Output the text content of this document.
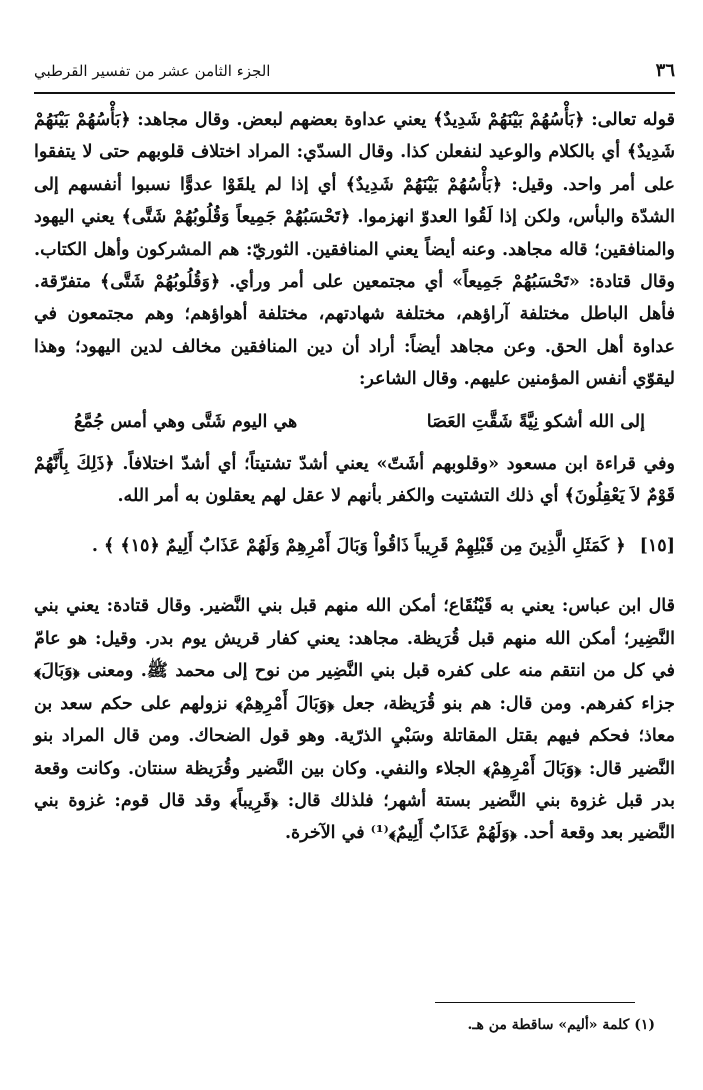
٣٦
الجزء الثامن عشر من تفسير القرطبي

قوله تعالى: ﴿بَأْسُهُمْ بَيْنَهُمْ شَدِيدٌ﴾ يعني عداوة بعضهم لبعض. وقال مجاهد: ﴿بَأْسُهُمْ بَيْنَهُمْ شَدِيدٌ﴾ أي بالكلام والوعيد لنفعلن كذا. وقال السدّي: المراد اختلاف قلوبهم حتى لا يتفقوا على أمر واحد. وقيل: ﴿بَأْسُهُمْ بَيْنَهُمْ شَدِيدٌ﴾ أي إذا لم يلقَوْا عدوًّا نسبوا أنفسهم إلى الشدّة والبأس، ولكن إذا لَقُوا العدوّ انهزموا. ﴿تَحْسَبُهُمْ جَمِيعاً وَقُلُوبُهُمْ شَتَّى﴾ يعني اليهود والمنافقين؛ قاله مجاهد. وعنه أيضاً يعني المنافقين. الثوريّ: هم المشركون وأهل الكتاب. وقال قتادة: «تَحْسَبُهُمْ جَمِيعاً» أي مجتمعين على أمر ورأي. ﴿وَقُلُوبُهُمْ شَتَّى﴾ متفرّقة. فأهل الباطل مختلفة آراؤهم، مختلفة شهادتهم، مختلفة أهواؤهم؛ وهم مجتمعون في عداوة أهل الحق. وعن مجاهد أيضاً: أراد أن دين المنافقين مخالف لدين اليهود؛ وهذا ليقوّي أنفس المؤمنين عليهم. وقال الشاعر:

إلى الله أشكو نِيَّةً شَقَّتِ العَصَا
هي اليوم شَتَّى وهي أمس جُمَّعُ

وفي قراءة ابن مسعود «وقلوبهم أشَتّ» يعني أشدّ تشتيتاً؛ أي أشدّ اختلافاً. ﴿ذَلِكَ بِأَنَّهُمْ قَوْمٌ لاَ يَعْقِلُونَ﴾ أي ذلك التشتيت والكفر بأنهم لا عقل لهم يعقلون به أمر الله.

[١٥]
﴿ كَمَثَلِ الَّذِينَ مِن قَبْلِهِمْ قَرِيباً ذَاقُواْ وَبَالَ أَمْرِهِمْ وَلَهُمْ عَذَابٌ أَلِيمٌ ﴿١٥﴾ ﴾ .

قال ابن عباس: يعني به قَيْنُقَاع؛ أمكن الله منهم قبل بني النَّضير. وقال قتادة: يعني بني النَّضِير؛ أمكن الله منهم قبل قُرَيظة. مجاهد: يعني كفار قريش يوم بدر. وقيل: هو عامّ في كل من انتقم منه على كفره قبل بني النَّضِير من نوح إلى محمد ﷺ. ومعنى ﴿وَبَالَ﴾ جزاء كفرهم. ومن قال: هم بنو قُرَيظة، جعل ﴿وَبَالَ أَمْرِهِمْ﴾ نزولهم على حكم سعد بن معاذ؛ فحكم فيهم بقتل المقاتلة وسَبْيِ الذرّية. وهو قول الضحاك. ومن قال المراد بنو النَّضير قال: ﴿وَبَالَ أَمْرِهِمْ﴾ الجلاء والنفي. وكان بين النَّضير وقُرَيظة سنتان. وكانت وقعة بدر قبل غزوة بني النَّضير بستة أشهر؛ فلذلك قال: ﴿قَرِيباً﴾ وقد قال قوم: غزوة بني النَّضير بعد وقعة أحد. ﴿وَلَهُمْ عَذَابٌ أَلِيمٌ﴾⁽¹⁾ في الآخرة.

(١) كلمة «أليم» ساقطة من هـ.
